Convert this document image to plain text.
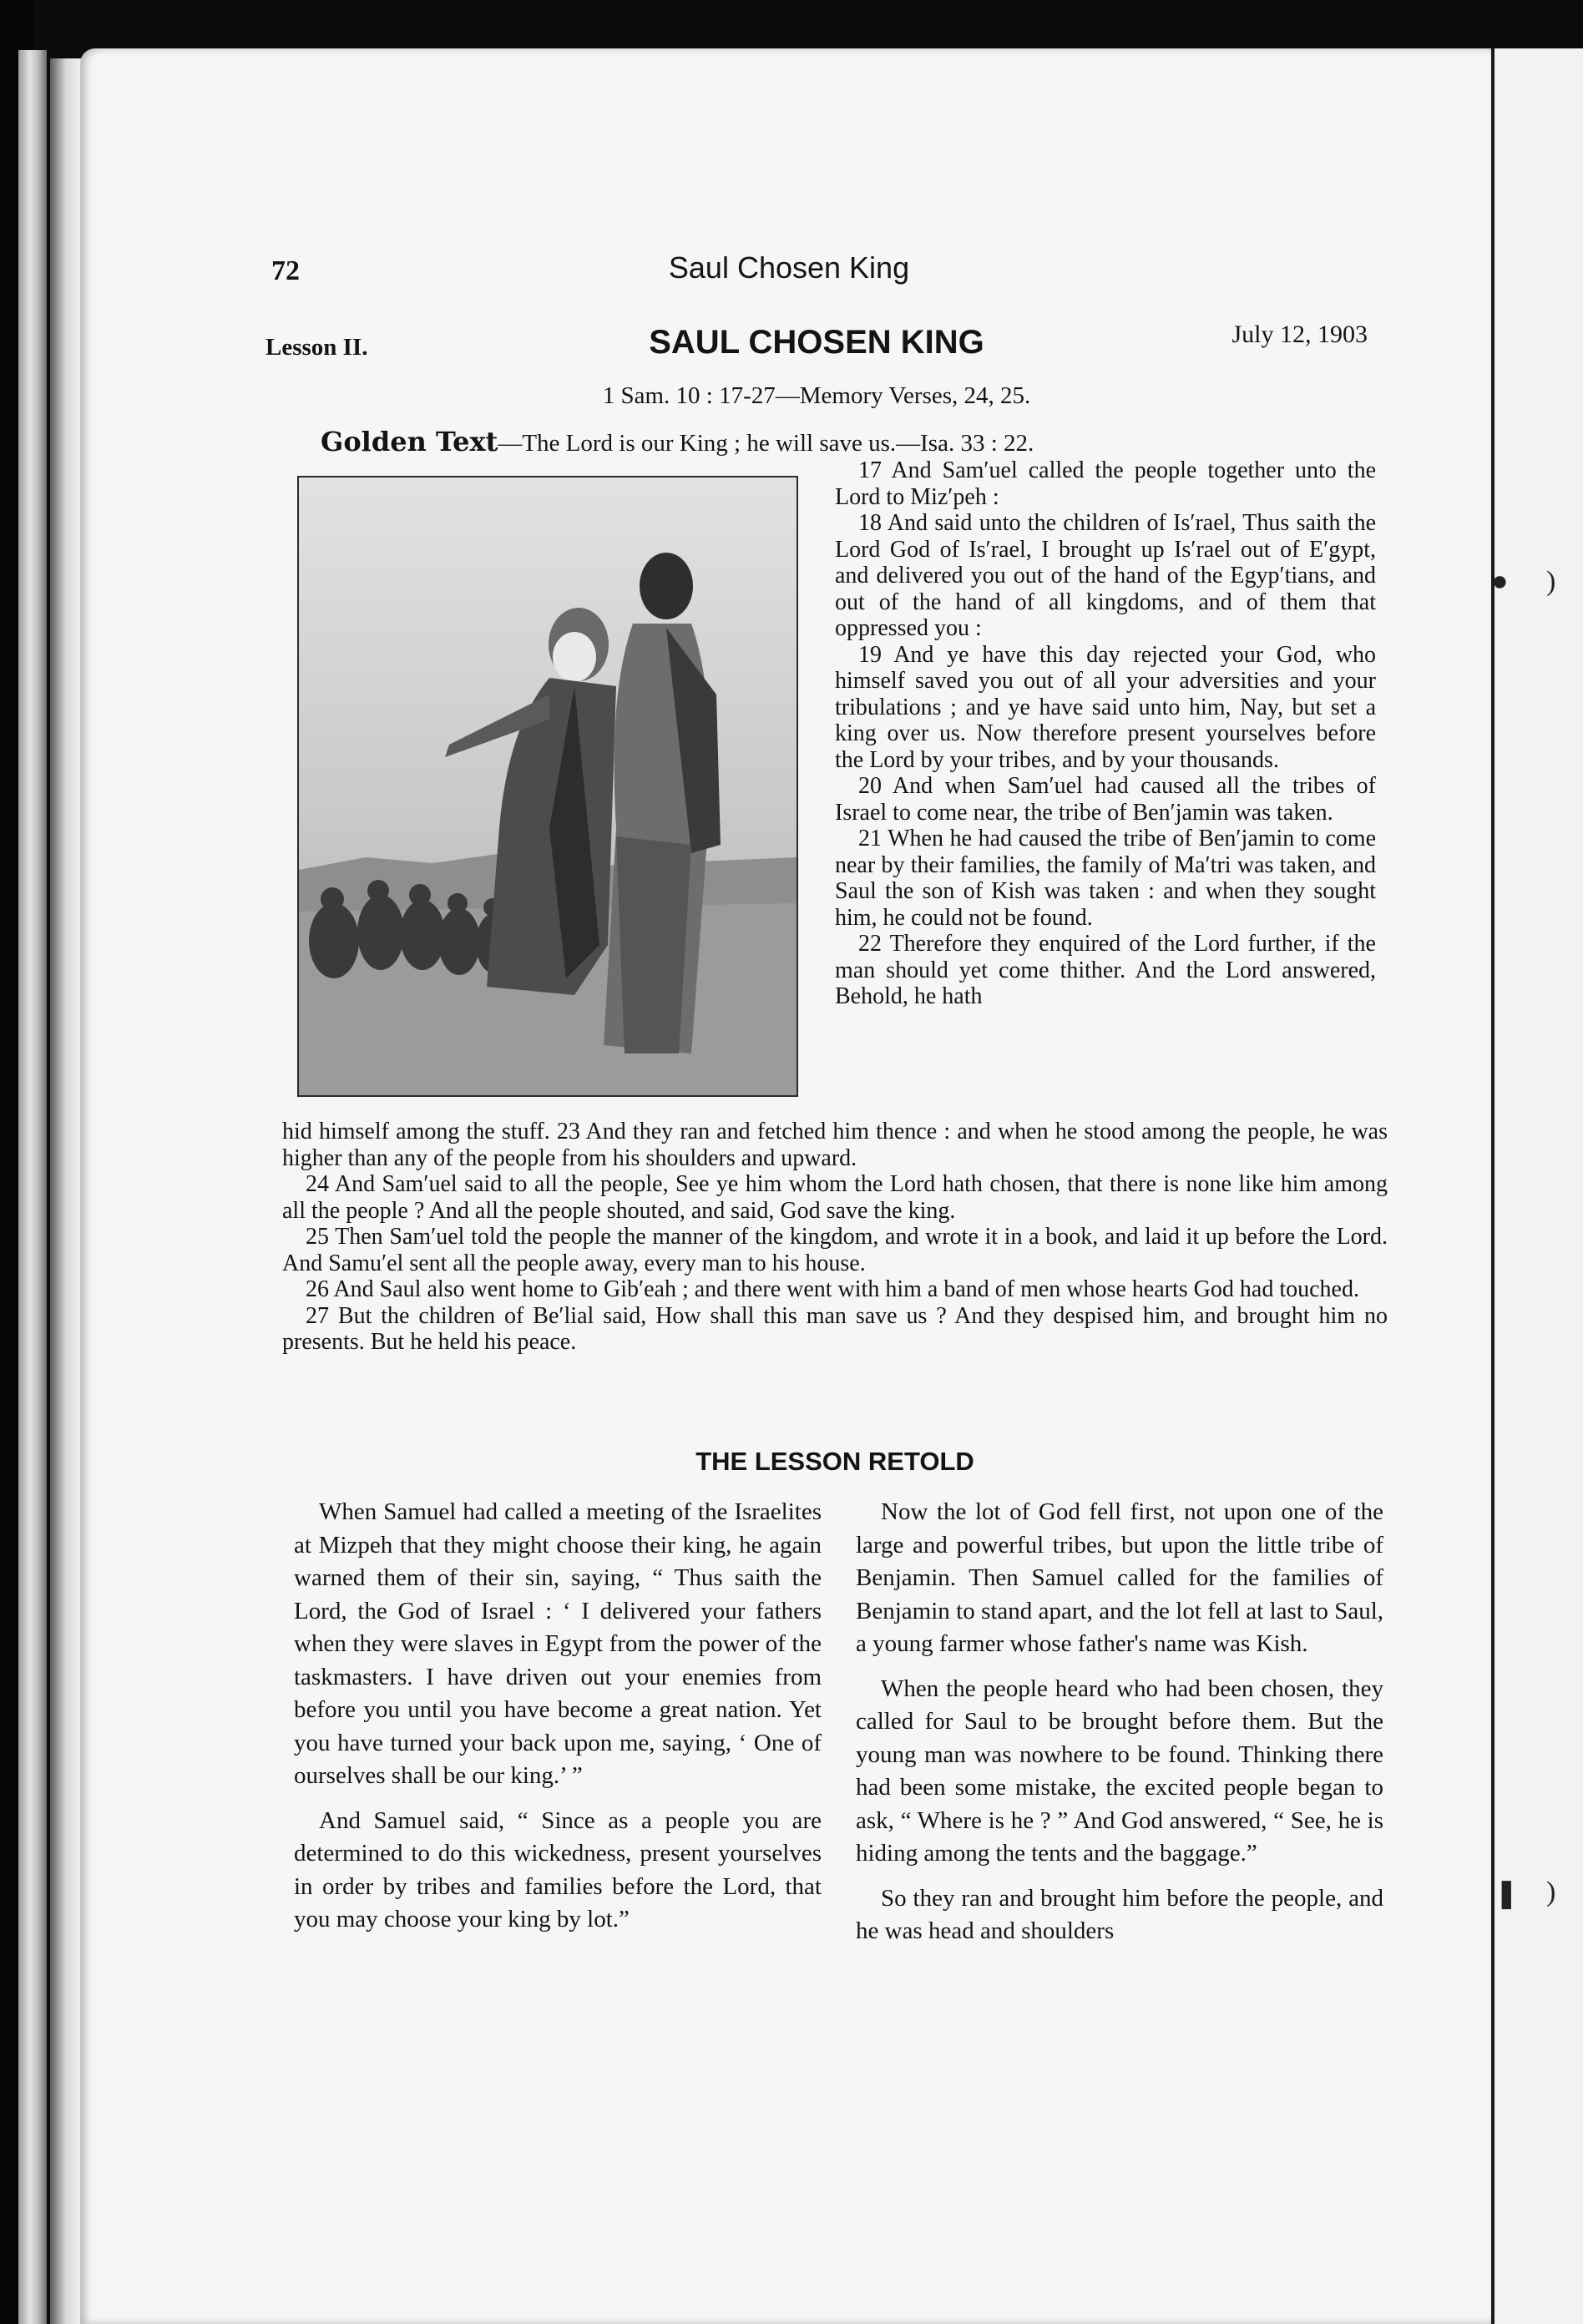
● )
❚ )
72	Saul Chosen King
Lesson II.	SAUL CHOSEN KING	July 12, 1903
1 Sam. 10 : 17-27—Memory Verses, 24, 25.
Golden Text—The Lord is our King ; he will save us.—Isa. 33 : 22.

17 And Sam′uel called the people together unto the Lord to Miz′peh :

18 And said unto the children of Is′rael, Thus saith the Lord God of Is′rael, I brought up Is′rael out of E′gypt, and delivered you out of the hand of the Egyp′tians, and out of the hand of all kingdoms, and of them that oppressed you :

19 And ye have this day rejected your God, who himself saved you out of all your adversities and your tribulations ; and ye have said unto him, Nay, but set a king over us. Now therefore present yourselves before the Lord by your tribes, and by your thousands.

20 And when Sam′uel had caused all the tribes of Israel to come near, the tribe of Ben′jamin was taken.

21 When he had caused the tribe of Ben′jamin to come near by their families, the family of Ma′tri was taken, and Saul the son of Kish was taken : and when they sought him, he could not be found.

22 Therefore they enquired of the Lord further, if the man should yet come thither. And the Lord answered, Behold, he hath

hid himself among the stuff. 23 And they ran and fetched him thence : and when he stood among the people, he was higher than any of the people from his shoulders and upward.

24 And Sam′uel said to all the people, See ye him whom the Lord hath chosen, that there is none like him among all the people ? And all the people shouted, and said, God save the king.

25 Then Sam′uel told the people the manner of the kingdom, and wrote it in a book, and laid it up before the Lord. And Samu′el sent all the people away, every man to his house.

26 And Saul also went home to Gib′eah ; and there went with him a band of men whose hearts God had touched.

27 But the children of Be′lial said, How shall this man save us ? And they despised him, and brought him no presents. But he held his peace.

THE LESSON RETOLD

When Samuel had called a meeting of the Israelites at Mizpeh that they might choose their king, he again warned them of their sin, saying, “ Thus saith the Lord, the God of Israel : ‘ I delivered your fathers when they were slaves in Egypt from the power of the taskmasters. I have driven out your enemies from before you until you have become a great nation. Yet you have turned your back upon me, saying, ‘ One of ourselves shall be our king.’ ”

And Samuel said, “ Since as a people you are determined to do this wickedness, present yourselves in order by tribes and families before the Lord, that you may choose your king by lot.”

Now the lot of God fell first, not upon one of the large and powerful tribes, but upon the little tribe of Benjamin. Then Samuel called for the families of Benjamin to stand apart, and the lot fell at last to Saul, a young farmer whose father's name was Kish.

When the people heard who had been chosen, they called for Saul to be brought before them. But the young man was nowhere to be found. Thinking there had been some mistake, the excited people began to ask, “ Where is he ? ” And God answered, “ See, he is hiding among the tents and the baggage.”

So they ran and brought him before the people, and he was head and shoulders
